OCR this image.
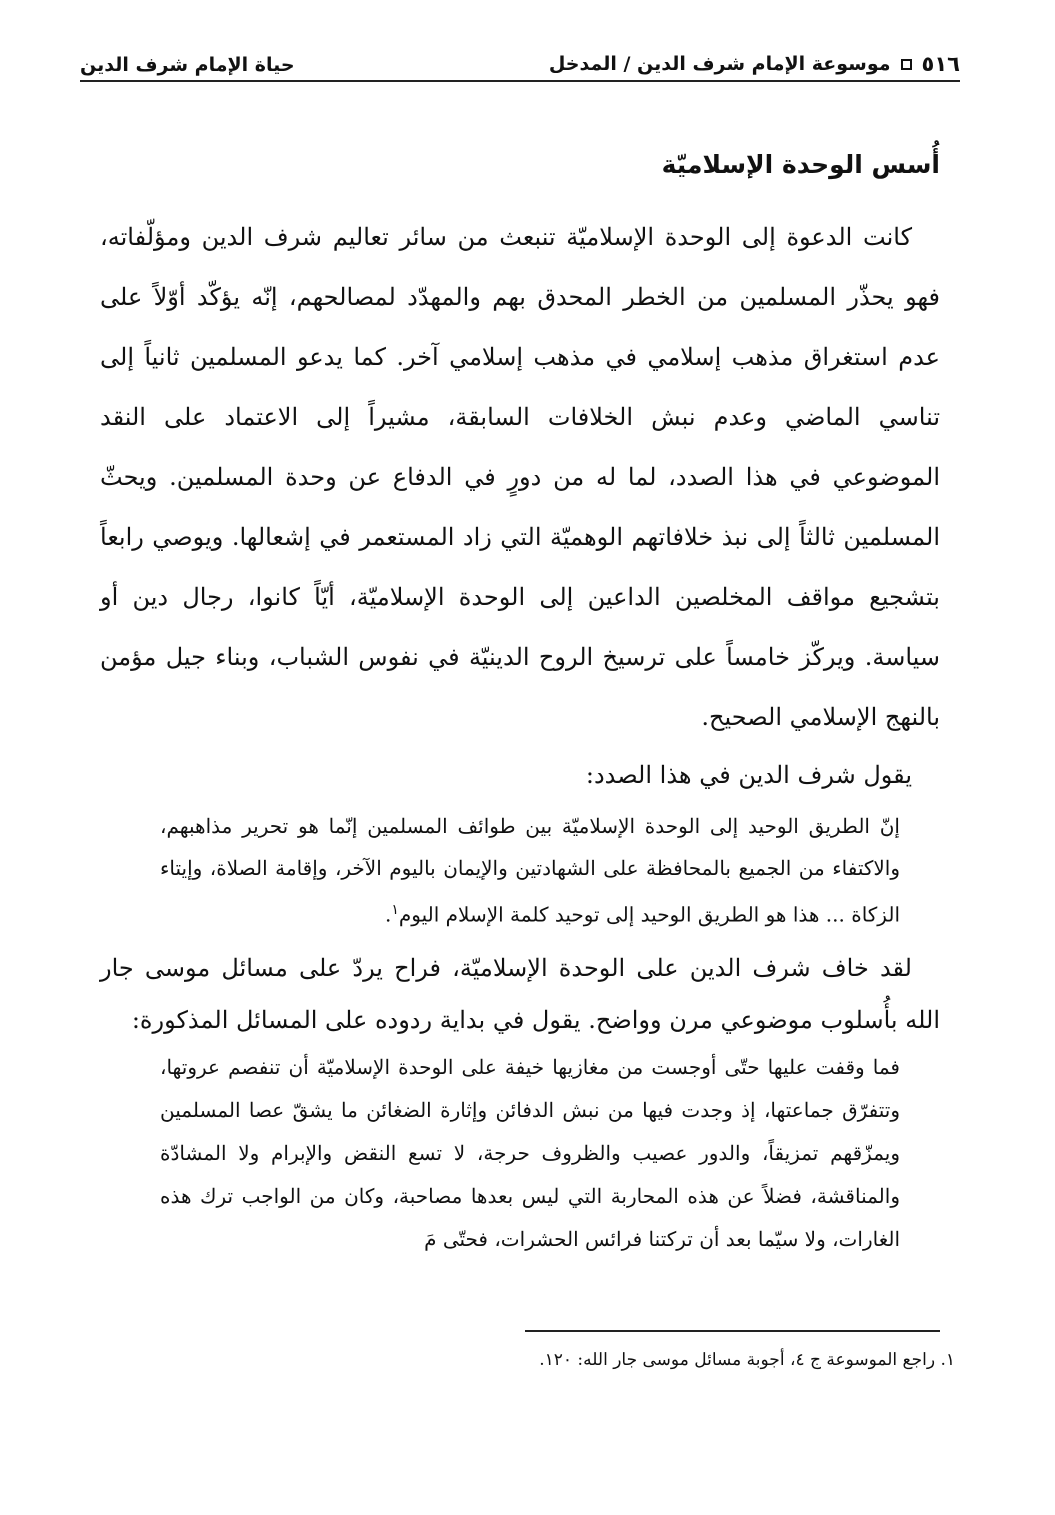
٥١٦
موسوعة الإمام شرف الدين / المدخل
حياة الإمام شرف الدين
أُسس الوحدة الإسلاميّة

كانت الدعوة إلى الوحدة الإسلاميّة تنبعث من سائر تعاليم شرف الدين ومؤلّفاته، فهو يحذّر المسلمين من الخطر المحدق بهم والمهدّد لمصالحهم، إنّه يؤكّد أوّلاً على عدم استغراق مذهب إسلامي في مذهب إسلامي آخر. كما يدعو المسلمين ثانياً إلى تناسي الماضي وعدم نبش الخلافات السابقة، مشيراً إلى الاعتماد على النقد الموضوعي في هذا الصدد، لما له من دورٍ في الدفاع عن وحدة المسلمين. ويحثّ المسلمين ثالثاً إلى نبذ خلافاتهم الوهميّة التي زاد المستعمر في إشعالها. ويوصي رابعاً بتشجيع مواقف المخلصين الداعين إلى الوحدة الإسلاميّة، أيّاً كانوا، رجال دين أو سياسة. ويركّز خامساً على ترسيخ الروح الدينيّة في نفوس الشباب، وبناء جيل مؤمن بالنهج الإسلامي الصحيح.

يقول شرف الدين في هذا الصدد:

إنّ الطريق الوحيد إلى الوحدة الإسلاميّة بين طوائف المسلمين إنّما هو تحرير مذاهبهم، والاكتفاء من الجميع بالمحافظة على الشهادتين والإيمان باليوم الآخر، وإقامة الصلاة، وإيتاء الزكاة ... هذا هو الطريق الوحيد إلى توحيد كلمة الإسلام اليوم$^١$.

لقد خاف شرف الدين على الوحدة الإسلاميّة، فراح يردّ على مسائل موسى جار الله بأُسلوب موضوعي مرن وواضح. يقول في بداية ردوده على المسائل المذكورة:

فما وقفت عليها حتّى أوجست من مغازيها خيفة على الوحدة الإسلاميّة أن تنفصم عروتها، وتتفرّق جماعتها، إذ وجدت فيها من نبش الدفائن وإثارة الضغائن ما يشقّ عصا المسلمين ويمزّقهم تمزيقاً، والدور عصيب والظروف حرجة، لا تسع النقض والإبرام ولا المشادّة والمناقشة، فضلاً عن هذه المحاربة التي ليس بعدها مصاحبة، وكان من الواجب ترك هذه الغارات، ولا سيّما بعد أن تركتنا فرائس الحشرات، فحتّى مَ

١. راجع الموسوعة ج ٤، أجوبة مسائل موسى جار الله: ١٢٠.
